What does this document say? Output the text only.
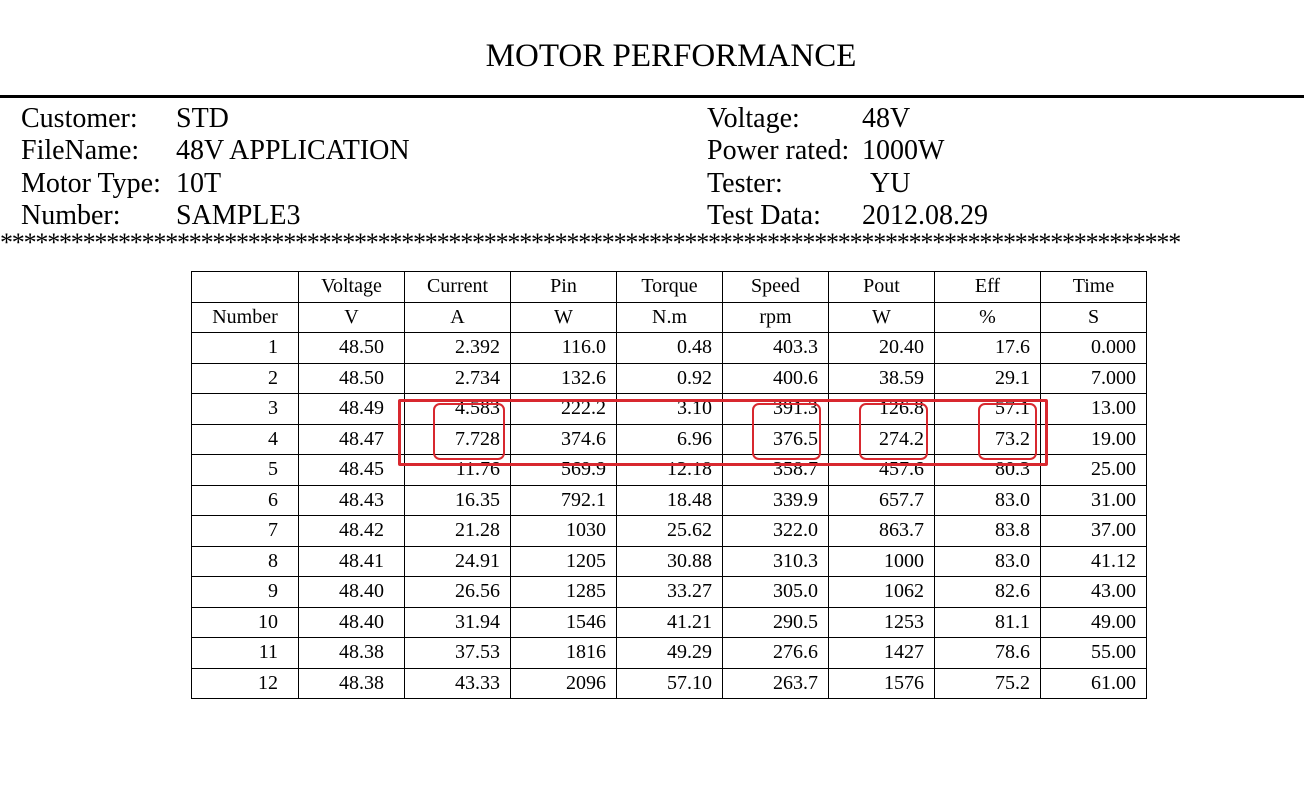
MOTOR PERFORMANCE
Customer: STD
FileName: 48V APPLICATION
Motor Type: 10T
Number: SAMPLE3
Voltage: 48V
Power rated: 1000W
Tester:	YU
Test Data: 2012.08.29
****************************************************************************************************
	Voltage	Current	Pin	Torque	Speed	Pout	Eff	Time
Number	V	A	W	N.m	rpm	W	%	S
1	48.50	2.392	116.0	0.48	403.3	20.40	17.6	0.000
2	48.50	2.734	132.6	0.92	400.6	38.59	29.1	7.000
3	48.49	4.583	222.2	3.10	391.3	126.8	57.1	13.00
4	48.47	7.728	374.6	6.96	376.5	274.2	73.2	19.00
5	48.45	11.76	569.9	12.18	358.7	457.6	80.3	25.00
6	48.43	16.35	792.1	18.48	339.9	657.7	83.0	31.00
7	48.42	21.28	1030	25.62	322.0	863.7	83.8	37.00
8	48.41	24.91	1205	30.88	310.3	1000	83.0	41.12
9	48.40	26.56	1285	33.27	305.0	1062	82.6	43.00
10	48.40	31.94	1546	41.21	290.5	1253	81.1	49.00
11	48.38	37.53	1816	49.29	276.6	1427	78.6	55.00
12	48.38	43.33	2096	57.10	263.7	1576	75.2	61.00
